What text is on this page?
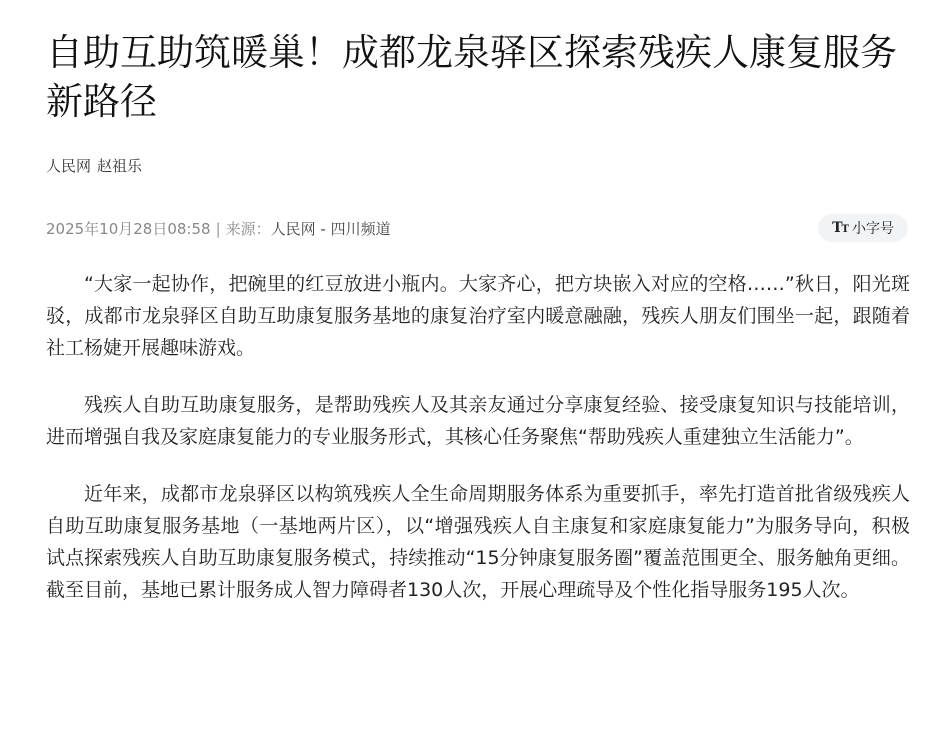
自助互助筑暖巢！成都龙泉驿区探索残疾人康复服务新路径
人民网 赵祖乐
2025年10月28日08:58 | 来源：人民网 - 四川频道	TT 小字号

“大家一起协作，把碗里的红豆放进小瓶内。大家齐心，把方块嵌入对应的空格……”秋日，阳光斑驳，成都市龙泉驿区自助互助康复服务基地的康复治疗室内暖意融融，残疾人朋友们围坐一起，跟随着社工杨婕开展趣味游戏。

残疾人自助互助康复服务，是帮助残疾人及其亲友通过分享康复经验、接受康复知识与技能培训，进而增强自我及家庭康复能力的专业服务形式，其核心任务聚焦“帮助残疾人重建独立生活能力”。

近年来，成都市龙泉驿区以构筑残疾人全生命周期服务体系为重要抓手，率先打造首批省级残疾人自助互助康复服务基地（一基地两片区），以“增强残疾人自主康复和家庭康复能力”为服务导向，积极试点探索残疾人自助互助康复服务模式，持续推动“15分钟康复服务圈”覆盖范围更全、服务触角更细。截至目前，基地已累计服务成人智力障碍者130人次，开展心理疏导及个性化指导服务195人次。
